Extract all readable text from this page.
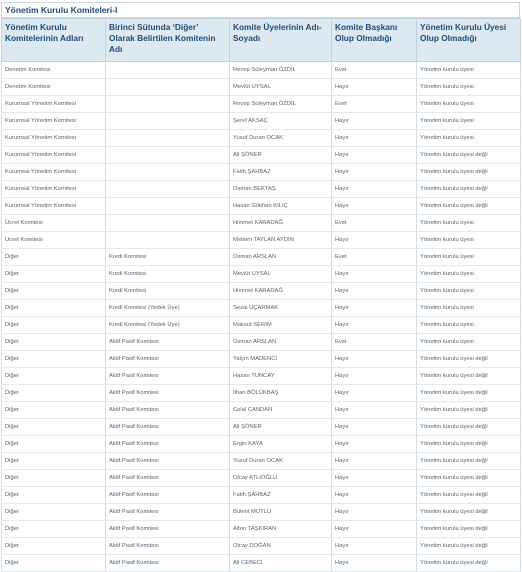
Yönetim Kurulu Komiteleri-I
Yönetim Kurulu Komitelerinin Adları	Birinci Sütunda ‘Diğer’ Olarak Belirtilen Komitenin Adı	Komite Üyelerinin Adı-Soyadı	Komite Başkanı Olup Olmadığı	Yönetim Kurulu Üyesi Olup Olmadığı
Denetim Komitesi		Recep Süleyman ÖZDİL	Evet	Yönetim kurulu üyesi
Denetim Komitesi		Mevlüt UYSAL	Hayır	Yönetim kurulu üyesi
Kurumsal Yönetim Komitesi		Recep Süleyman ÖZDİL	Evet	Yönetim kurulu üyesi
Kurumsal Yönetim Komitesi		Şeref AKSAÇ	Hayır	Yönetim kurulu üyesi
Kurumsal Yönetim Komitesi		Yusuf Duran OCAK	Hayır	Yönetim kurulu üyesi
Kurumsal Yönetim Komitesi		Ali ŞÖNER	Hayır	Yönetim kurulu üyesi değil
Kurumsal Yönetim Komitesi		Fatih ŞAHBAZ	Hayır	Yönetim kurulu üyesi değil
Kurumsal Yönetim Komitesi		Osman BEKTAŞ	Hayır	Yönetim kurulu üyesi değil
Kurumsal Yönetim Komitesi		Hasan Gökhan KILIÇ	Hayır	Yönetim kurulu üyesi değil
Ücret Komitesi		Himmet KARADAĞ	Evet	Yönetim kurulu üyesi
Ücret Komitesi		Meltem TAYLAN AYDIN	Hayır	Yönetim kurulu üyesi
Diğer	Kredi Komitesi	Osman ARSLAN	Evet	Yönetim kurulu üyesi
Diğer	Kredi Komitesi	Mevlüt UYSAL	Hayır	Yönetim kurulu üyesi
Diğer	Kredi Komitesi	Himmet KARADAĞ	Hayır	Yönetim kurulu üyesi
Diğer	Kredi Komitesi (Yedek Üye)	Sezai UÇARMAK	Hayır	Yönetim kurulu üyesi
Diğer	Kredi Komitesi (Yedek Üye)	Maksut SERİM	Hayır	Yönetim kurulu üyesi
Diğer	Aktif Pasif Komitesi	Osman ARSLAN	Evet	Yönetim kurulu üyesi
Diğer	Aktif Pasif Komitesi	Yalçın MADENCİ	Hayır	Yönetim kurulu üyesi değil
Diğer	Aktif Pasif Komitesi	Hasan TUNCAY	Hayır	Yönetim kurulu üyesi değil
Diğer	Aktif Pasif Komitesi	İlhan BÖLÜKBAŞ	Hayır	Yönetim kurulu üyesi değil
Diğer	Aktif Pasif Komitesi	Celal CANDAN	Hayır	Yönetim kurulu üyesi değil
Diğer	Aktif Pasif Komitesi	Ali ŞÖNER	Hayır	Yönetim kurulu üyesi değil
Diğer	Aktif Pasif Komitesi	Ergin KAYA	Hayır	Yönetim kurulu üyesi değil
Diğer	Aktif Pasif Komitesi	Yusuf Duran OCAK	Hayır	Yönetim kurulu üyesi değil
Diğer	Aktif Pasif Komitesi	Olcay ATLIOĞLU	Hayır	Yönetim kurulu üyesi değil
Diğer	Aktif Pasif Komitesi	Fatih ŞAHBAZ	Hayır	Yönetim kurulu üyesi değil
Diğer	Aktif Pasif Komitesi	Bülent MUTLU	Hayır	Yönetim kurulu üyesi değil
Diğer	Aktif Pasif Komitesi	Alton TAŞKIRAN	Hayır	Yönetim kurulu üyesi değil
Diğer	Aktif Pasif Komitesi	Olcay DOĞAN	Hayır	Yönetim kurulu üyesi değil
Diğer	Aktif Pasif Komitesi	Ali CEBECİ	Hayır	Yönetim kurulu üyesi değil
